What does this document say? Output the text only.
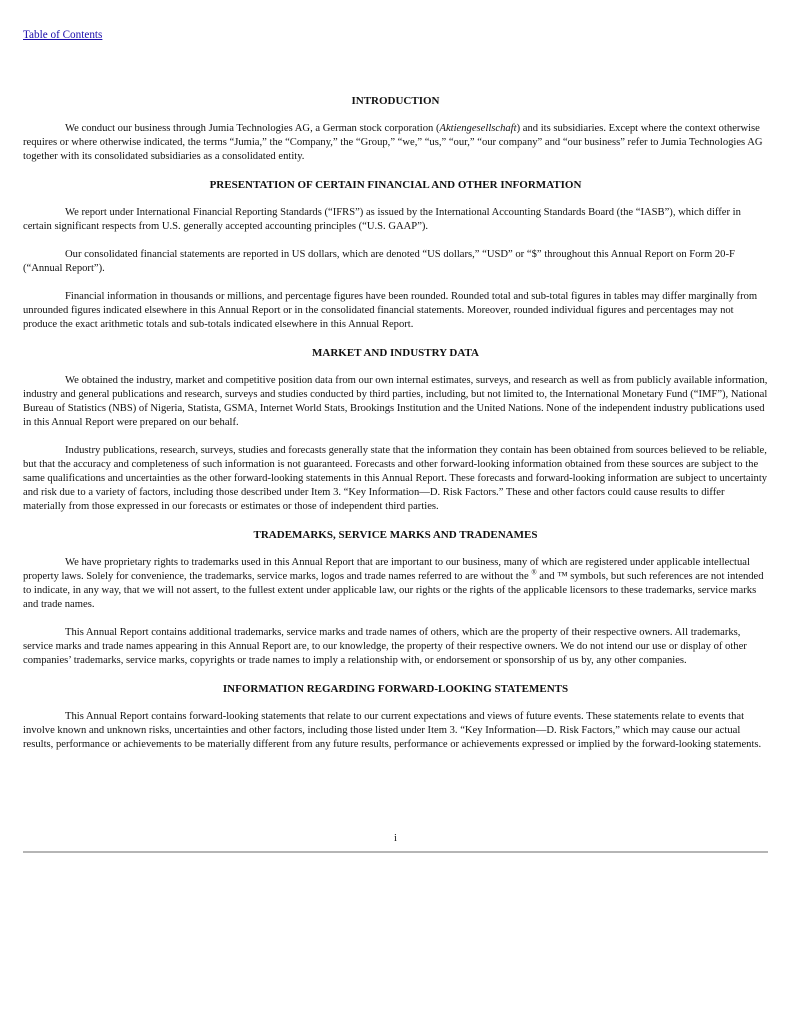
Table of Contents
INTRODUCTION

We conduct our business through Jumia Technologies AG, a German stock corporation (Aktiengesellschaft) and its subsidiaries. Except where the context otherwise requires or where otherwise indicated, the terms “Jumia,” the “Company,” the “Group,” “we,” “us,” “our,” “our company” and “our business” refer to Jumia Technologies AG together with its consolidated subsidiaries as a consolidated entity.

PRESENTATION OF CERTAIN FINANCIAL AND OTHER INFORMATION

We report under International Financial Reporting Standards (“IFRS”) as issued by the International Accounting Standards Board (the “IASB”), which differ in certain significant respects from U.S. generally accepted accounting principles (“U.S. GAAP”).

Our consolidated financial statements are reported in US dollars, which are denoted “US dollars,” “USD” or “$” throughout this Annual Report on Form 20-F (“Annual Report”).

Financial information in thousands or millions, and percentage figures have been rounded. Rounded total and sub-total figures in tables may differ marginally from unrounded figures indicated elsewhere in this Annual Report or in the consolidated financial statements. Moreover, rounded individual figures and percentages may not produce the exact arithmetic totals and sub-totals indicated elsewhere in this Annual Report.

MARKET AND INDUSTRY DATA

We obtained the industry, market and competitive position data from our own internal estimates, surveys, and research as well as from publicly available information, industry and general publications and research, surveys and studies conducted by third parties, including, but not limited to, the International Monetary Fund (“IMF”), National Bureau of Statistics (NBS) of Nigeria, Statista, GSMA, Internet World Stats, Brookings Institution and the United Nations. None of the independent industry publications used in this Annual Report were prepared on our behalf.

Industry publications, research, surveys, studies and forecasts generally state that the information they contain has been obtained from sources believed to be reliable, but that the accuracy and completeness of such information is not guaranteed. Forecasts and other forward-looking information obtained from these sources are subject to the same qualifications and uncertainties as the other forward-looking statements in this Annual Report. These forecasts and forward-looking information are subject to uncertainty and risk due to a variety of factors, including those described under Item 3. “Key Information—D. Risk Factors.” These and other factors could cause results to differ materially from those expressed in our forecasts or estimates or those of independent third parties.

TRADEMARKS, SERVICE MARKS AND TRADENAMES

We have proprietary rights to trademarks used in this Annual Report that are important to our business, many of which are registered under applicable intellectual property laws. Solely for convenience, the trademarks, service marks, logos and trade names referred to are without the ® and ™ symbols, but such references are not intended to indicate, in any way, that we will not assert, to the fullest extent under applicable law, our rights or the rights of the applicable licensors to these trademarks, service marks and trade names.

This Annual Report contains additional trademarks, service marks and trade names of others, which are the property of their respective owners. All trademarks, service marks and trade names appearing in this Annual Report are, to our knowledge, the property of their respective owners. We do not intend our use or display of other companies’ trademarks, service marks, copyrights or trade names to imply a relationship with, or endorsement or sponsorship of us by, any other companies.

INFORMATION REGARDING FORWARD-LOOKING STATEMENTS

This Annual Report contains forward-looking statements that relate to our current expectations and views of future events. These statements relate to events that involve known and unknown risks, uncertainties and other factors, including those listed under Item 3. “Key Information—D. Risk Factors,” which may cause our actual results, performance or achievements to be materially different from any future results, performance or achievements expressed or implied by the forward-looking statements.

i
